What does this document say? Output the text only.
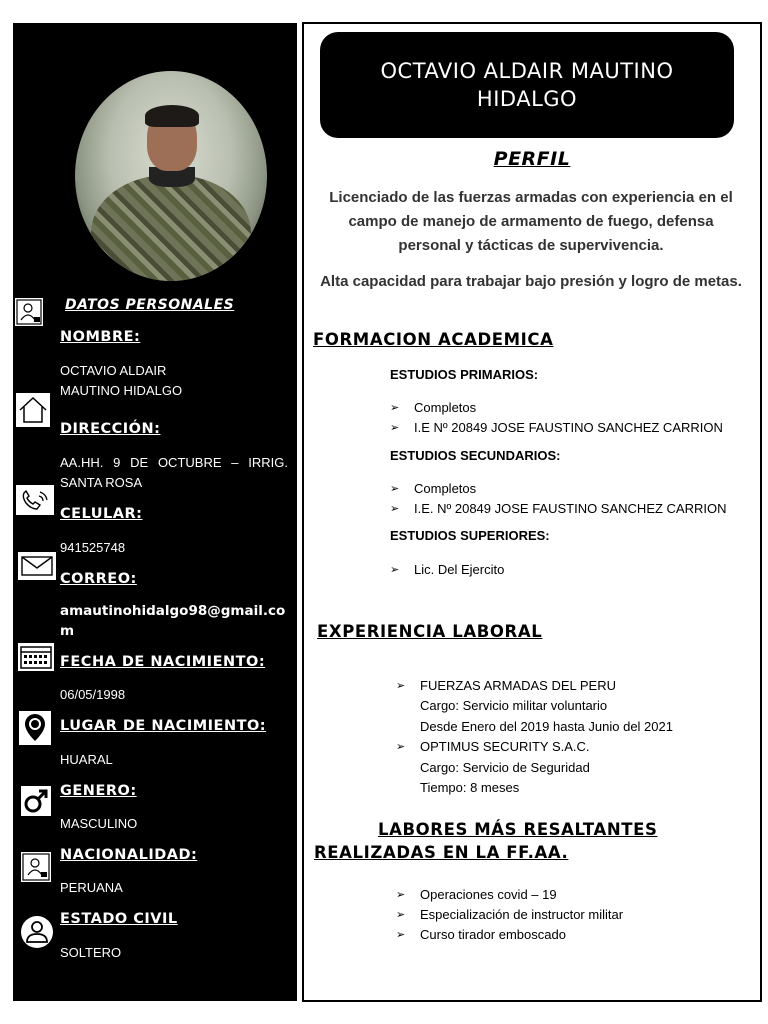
DATOS PERSONALES
NOMBRE:
OCTAVIO ALDAIR
MAUTINO HIDALGO
DIRECCIÓN:
AA.HH. 9 DE OCTUBRE – IRRIG. SANTA ROSA
CELULAR:
941525748
CORREO:
amautinohidalgo98@gmail.com
FECHA DE NACIMIENTO:
06/05/1998
LUGAR DE NACIMIENTO:
HUARAL
GENERO:
MASCULINO
NACIONALIDAD:
PERUANA
ESTADO CIVIL
SOLTERO
OCTAVIO ALDAIR MAUTINO HIDALGO
PERFIL
Licenciado de las fuerzas armadas con experiencia en el campo de manejo de armamento de fuego, defensa personal y tácticas de supervivencia.
Alta capacidad para trabajar bajo presión y logro de metas.
FORMACION ACADEMICA
ESTUDIOS PRIMARIOS:
➢ Completos
➢ I.E Nº 20849 JOSE FAUSTINO SANCHEZ CARRION
ESTUDIOS SECUNDARIOS:
➢ Completos
➢ I.E. Nº 20849 JOSE FAUSTINO SANCHEZ CARRION
ESTUDIOS SUPERIORES:
➢ Lic. Del Ejercito
EXPERIENCIA LABORAL
➢ FUERZAS ARMADAS DEL PERU
Cargo: Servicio militar voluntario
Desde Enero del 2019 hasta Junio del 2021
➢ OPTIMUS SECURITY S.A.C.
Cargo: Servicio de Seguridad
Tiempo: 8 meses
LABORES MÁS RESALTANTES
REALIZADAS EN LA FF.AA.
➢ Operaciones covid – 19
➢ Especialización de instructor militar
➢ Curso tirador emboscado
